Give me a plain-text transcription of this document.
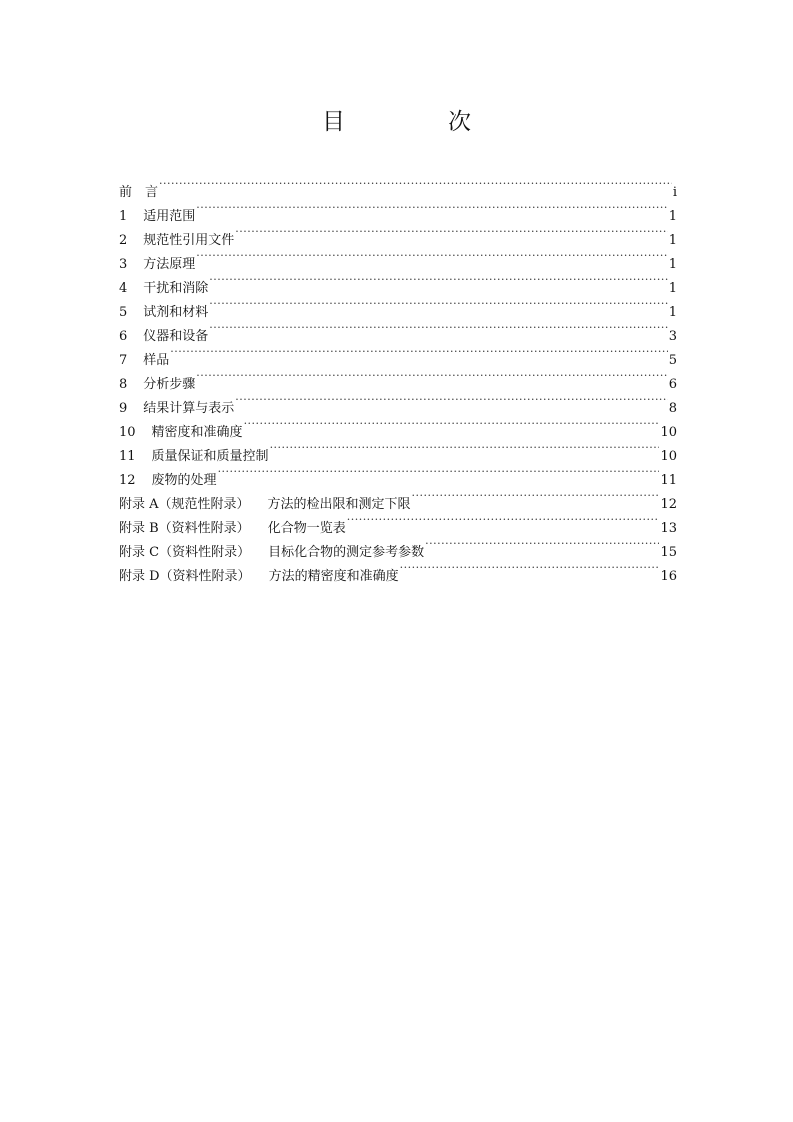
目　次
前　言 ·····	i
1 适用范围 ·····	1
2 规范性引用文件 ·····	1
3 方法原理 ·····	1
4 干扰和消除 ·····	1
5 试剂和材料 ·····	1
6 仪器和设备 ·····	3
7 样品 ·····	5
8 分析步骤 ·····	6
9 结果计算与表示 ·····	8
10 精密度和准确度 ·····	10
11 质量保证和质量控制 ·····	10
12 废物的处理 ·····	11
附录 A（规范性附录） 方法的检出限和测定下限 ·····	12
附录 B（资料性附录） 化合物一览表 ·····	13
附录 C（资料性附录） 目标化合物的测定参考参数 ·····	15
附录 D（资料性附录） 方法的精密度和准确度 ·····	16
